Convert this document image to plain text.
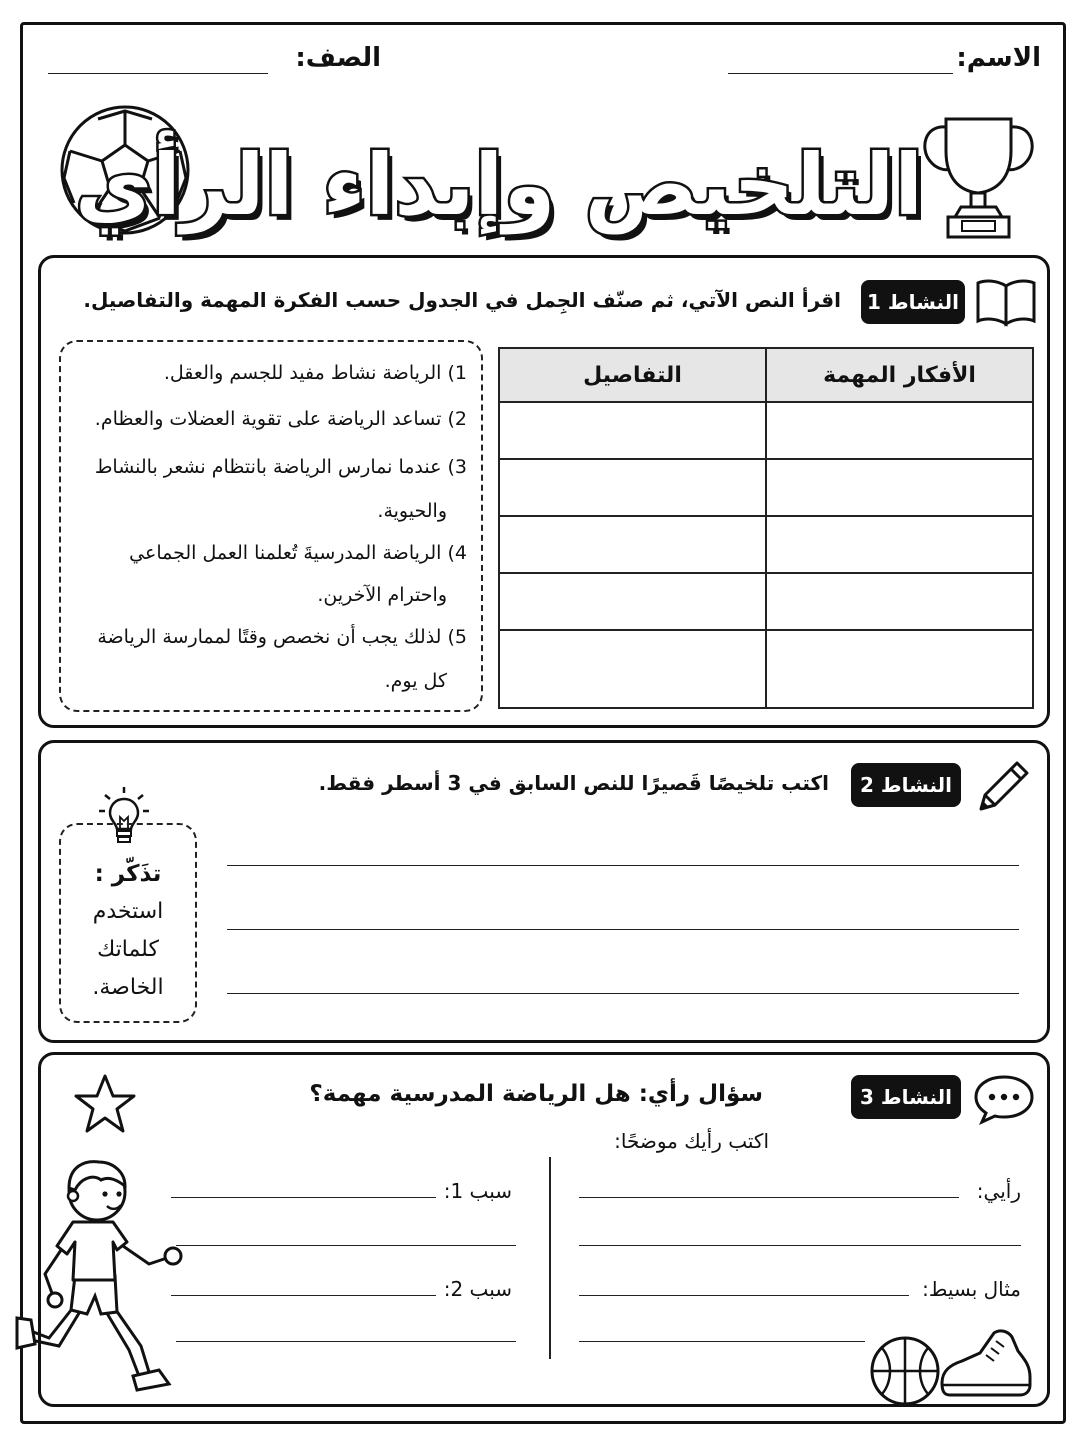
الاسم:
الصف:
التلخيص وإبداء الرأي
النشاط 1
اقرأ النص الآتي، ثم صنّف الجِمل في الجدول حسب الفكرة المهمة والتفاصيل.
1) الرياضة نشاط مفيد للجسم والعقل.
2) تساعد الرياضة على تقوية العضلات والعظام.
3) عندما نمارس الرياضة بانتظام نشعر بالنشاط
والحيوية.
4) الرياضة المدرسيةَ تُعلمنا العمل الجماعي
واحترام الآخرين.
5) لذلك يجب أن نخصص وقتًا لممارسة الرياضة
كل يوم.
الأفكار المهمة	التفاصيل

النشاط 2
اكتب تلخيصًا قَصيرًا للنص السابق في 3 أسطر فقط.
تذَكّر :
استخدم
كلماتك
الخاصة.
النشاط 3
سؤال رأي: هل الرياضة المدرسية مهمة؟
اكتب رأيك موضحًا:
رأيي:
مثال بسيط:
سبب 1:
سبب 2:
